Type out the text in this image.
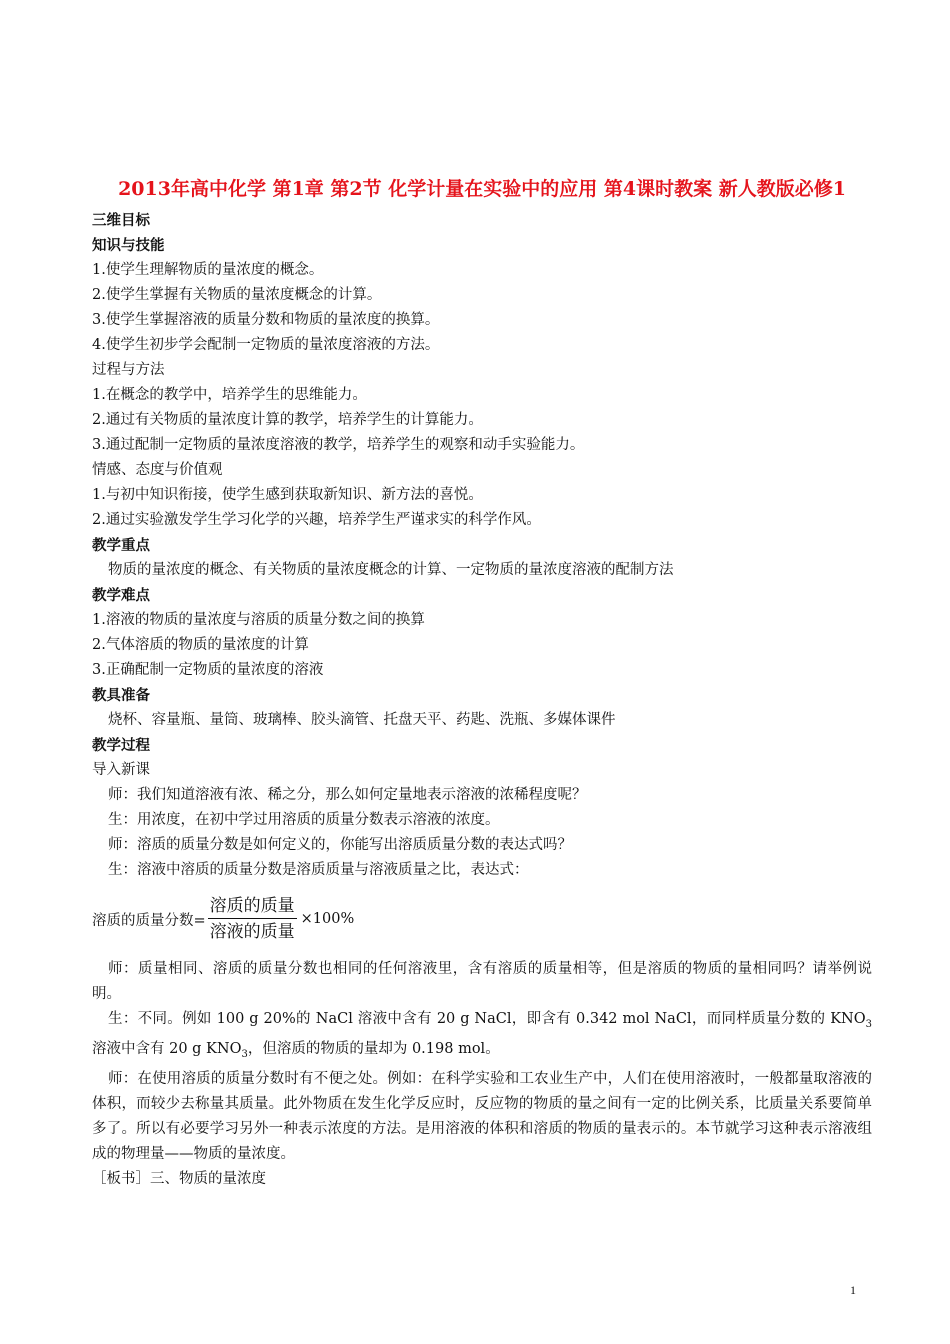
2013年高中化学 第1章 第2节 化学计量在实验中的应用 第4课时教案 新人教版必修1
三维目标
知识与技能
1.使学生理解物质的量浓度的概念。
2.使学生掌握有关物质的量浓度概念的计算。
3.使学生掌握溶液的质量分数和物质的量浓度的换算。
4.使学生初步学会配制一定物质的量浓度溶液的方法。
过程与方法
1.在概念的教学中，培养学生的思维能力。
2.通过有关物质的量浓度计算的教学，培养学生的计算能力。
3.通过配制一定物质的量浓度溶液的教学，培养学生的观察和动手实验能力。
情感、态度与价值观
1.与初中知识衔接，使学生感到获取新知识、新方法的喜悦。
2.通过实验激发学生学习化学的兴趣，培养学生严谨求实的科学作风。
教学重点
物质的量浓度的概念、有关物质的量浓度概念的计算、一定物质的量浓度溶液的配制方法
教学难点
1.溶液的物质的量浓度与溶质的质量分数之间的换算
2.气体溶质的物质的量浓度的计算
3.正确配制一定物质的量浓度的溶液
教具准备
烧杯、容量瓶、量筒、玻璃棒、胶头滴管、托盘天平、药匙、洗瓶、多媒体课件
教学过程
导入新课
师：我们知道溶液有浓、稀之分，那么如何定量地表示溶液的浓稀程度呢？
生：用浓度，在初中学过用溶质的质量分数表示溶液的浓度。
师：溶质的质量分数是如何定义的，你能写出溶质质量分数的表达式吗？
生：溶液中溶质的质量分数是溶质质量与溶液质量之比，表达式：
溶质的质量分数= $\frac{\text{溶质的质量}}{\text{溶液的质量}} \times 100\%$
师：质量相同、溶质的质量分数也相同的任何溶液里，含有溶质的质量相等，但是溶质的物质的量相同吗？请举例说明。
生：不同。例如 100 g 20%的 NaCl 溶液中含有 20 g NaCl，即含有 0.342 mol NaCl，而同样质量分数的 $KNO_3$溶液中含有 20 g $KNO_3$，但溶质的物质的量却为 0.198 mol。
师：在使用溶质的质量分数时有不便之处。例如：在科学实验和工农业生产中，人们在使用溶液时，一般都量取溶液的体积，而较少去称量其质量。此外物质在发生化学反应时，反应物的物质的量之间有一定的比例关系，比质量关系要简单多了。所以有必要学习另外一种表示浓度的方法。是用溶液的体积和溶质的物质的量表示的。本节就学习这种表示溶液组成的物理量——物质的量浓度。
［板书］三、物质的量浓度
1
